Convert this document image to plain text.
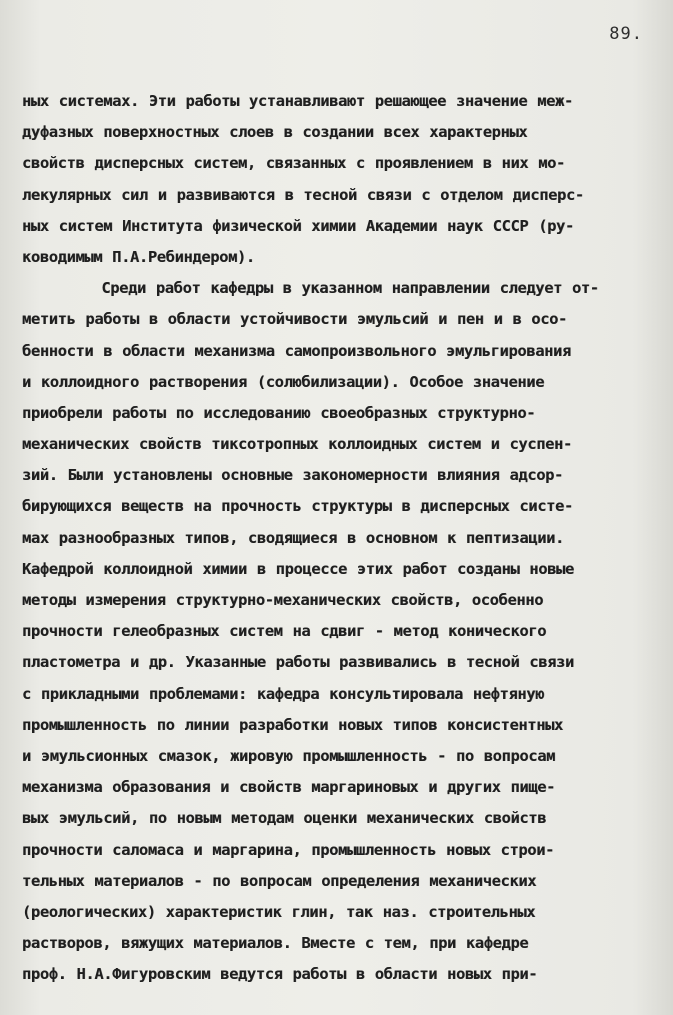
89.
ных системах. Эти работы устанавливают решающее значение меж-
дуфазных поверхностных слоев в создании всех характерных
свойств дисперсных систем, связанных с проявлением в них мо-
лекулярных сил и развиваются в тесной связи с отделом дисперс-
ных систем Института физической химии Академии наук СССР (ру-
ководимым П.А.Ребиндером).
Среди работ кафедры в указанном направлении следует от-
метить работы в области устойчивости эмульсий и пен и в осо-
бенности в области механизма самопроизвольного эмульгирования
и коллоидного растворения (солюбилизации). Особое значение
приобрели работы по исследованию своеобразных структурно-
механических свойств тиксотропных коллоидных систем и суспен-
зий. Были установлены основные закономерности влияния адсор-
бирующихся веществ на прочность структуры в дисперсных систе-
мах разнообразных типов, сводящиеся в основном к пептизации.
Кафедрой коллоидной химии в процессе этих работ созданы новые
методы измерения структурно-механических свойств, особенно
прочности гелеобразных систем на сдвиг - метод конического
пластометра и др. Указанные работы развивались в тесной связи
с прикладными проблемами: кафедра консультировала нефтяную
промышленность по линии разработки новых типов консистентных
и эмульсионных смазок, жировую промышленность - по вопросам
механизма образования и свойств маргариновых и других пище-
вых эмульсий, по новым методам оценки механических свойств
прочности саломаса и маргарина, промышленность новых строи-
тельных материалов - по вопросам определения механических
(реологических) характеристик глин, так наз. строительных
растворов, вяжущих материалов. Вместе с тем, при кафедре
проф. Н.А.Фигуровским ведутся работы в области новых при-
